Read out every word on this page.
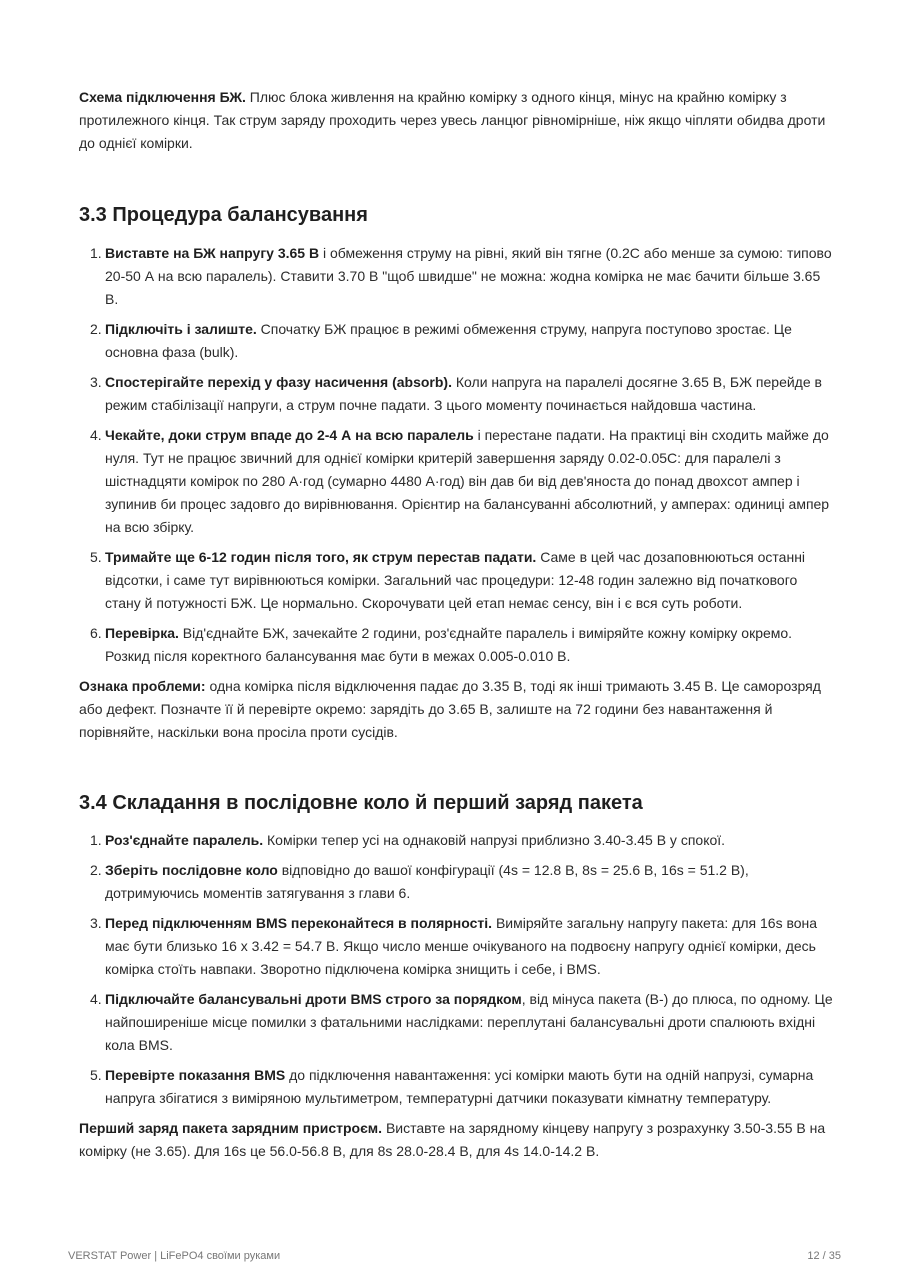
Схема підключення БЖ. Плюс блока живлення на крайню комірку з одного кінця, мінус на крайню комірку з протилежного кінця. Так струм заряду проходить через увесь ланцюг рівномірніше, ніж якщо чіпляти обидва дроти до однієї комірки.

3.3 Процедура балансування
1. Виставте на БЖ напругу 3.65 В і обмеження струму на рівні, який він тягне (0.2C або менше за сумою: типово 20-50 А на всю паралель). Ставити 3.70 В "щоб швидше" не можна: жодна комірка не має бачити більше 3.65 В.
2. Підключіть і залиште. Спочатку БЖ працює в режимі обмеження струму, напруга поступово зростає. Це основна фаза (bulk).
3. Спостерігайте перехід у фазу насичення (absorb). Коли напруга на паралелі досягне 3.65 В, БЖ перейде в режим стабілізації напруги, а струм почне падати. З цього моменту починається найдовша частина.
4. Чекайте, доки струм впаде до 2-4 А на всю паралель і перестане падати. На практиці він сходить майже до нуля. Тут не працює звичний для однієї комірки критерій завершення заряду 0.02-0.05C: для паралелі з шістнадцяти комірок по 280 А·год (сумарно 4480 А·год) він дав би від дев'яноста до понад двохсот ампер і зупинив би процес задовго до вирівнювання. Орієнтир на балансуванні абсолютний, у амперах: одиниці ампер на всю збірку.
5. Тримайте ще 6-12 годин після того, як струм перестав падати. Саме в цей час дозаповнюються останні відсотки, і саме тут вирівнюються комірки. Загальний час процедури: 12-48 годин залежно від початкового стану й потужності БЖ. Це нормально. Скорочувати цей етап немає сенсу, він і є вся суть роботи.
6. Перевірка. Від'єднайте БЖ, зачекайте 2 години, роз'єднайте паралель і виміряйте кожну комірку окремо. Розкид після коректного балансування має бути в межах 0.005-0.010 В.

Ознака проблеми: одна комірка після відключення падає до 3.35 В, тоді як інші тримають 3.45 В. Це саморозряд або дефект. Позначте її й перевірте окремо: зарядіть до 3.65 В, залиште на 72 години без навантаження й порівняйте, наскільки вона просіла проти сусідів.

3.4 Складання в послідовне коло й перший заряд пакета
1. Роз'єднайте паралель. Комірки тепер усі на однаковій напрузі приблизно 3.40-3.45 В у спокої.
2. Зберіть послідовне коло відповідно до вашої конфігурації (4s = 12.8 В, 8s = 25.6 В, 16s = 51.2 В), дотримуючись моментів затягування з глави 6.
3. Перед підключенням BMS переконайтеся в полярності. Виміряйте загальну напругу пакета: для 16s вона має бути близько 16 x 3.42 = 54.7 В. Якщо число менше очікуваного на подвоєну напругу однієї комірки, десь комірка стоїть навпаки. Зворотно підключена комірка знищить і себе, і BMS.
4. Підключайте балансувальні дроти BMS строго за порядком, від мінуса пакета (B-) до плюса, по одному. Це найпоширеніше місце помилки з фатальними наслідками: переплутані балансувальні дроти спалюють вхідні кола BMS.
5. Перевірте показання BMS до підключення навантаження: усі комірки мають бути на одній напрузі, сумарна напруга збігатися з виміряною мультиметром, температурні датчики показувати кімнатну температуру.

Перший заряд пакета зарядним пристроєм. Виставте на зарядному кінцеву напругу з розрахунку 3.50-3.55 В на комірку (не 3.65). Для 16s це 56.0-56.8 В, для 8s 28.0-28.4 В, для 4s 14.0-14.2 В.

VERSTAT Power | LiFePO4 своїми руками	12 / 35
